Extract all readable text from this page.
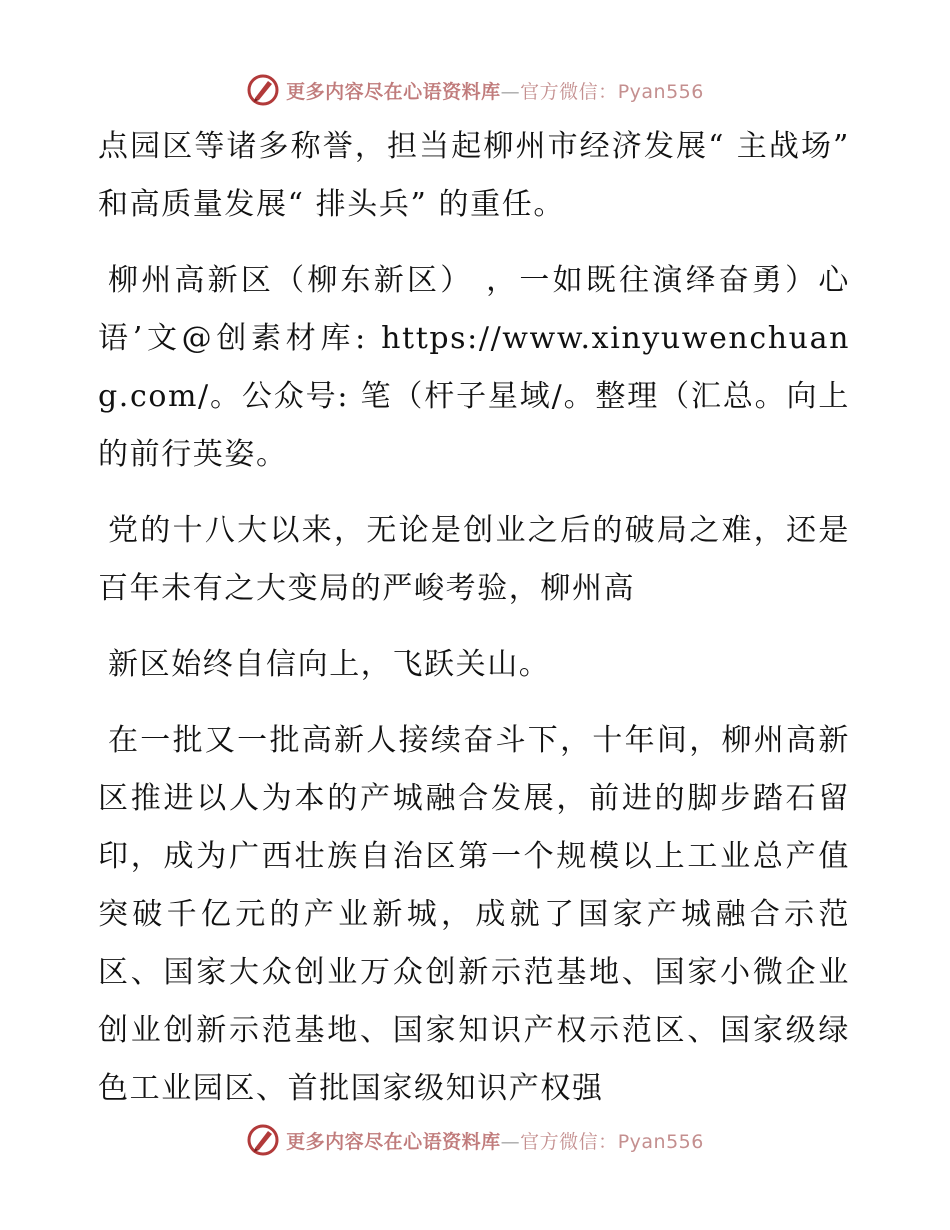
更多内容尽在心语资料库—官方微信：Pyan556

点园区等诸多称誉，担当起柳州市经济发展“ 主战场” 和高质量发展“ 排头兵” 的重任。

柳州高新区（柳东新区） ，一如既往演绎奋勇）心语’文@创素材库: https://www.xinyuwenchuang.com/。公众号: 笔（杆子星域/。整理（汇总。向上的前行英姿。

党的十八大以来，无论是创业之后的破局之难，还是百年未有之大变局的严峻考验，柳州高

新区始终自信向上，飞跃关山。

在一批又一批高新人接续奋斗下，十年间，柳州高新区推进以人为本的产城融合发展，前进的脚步踏石留印，成为广西壮族自治区第一个规模以上工业总产值突破千亿元的产业新城，成就了国家产城融合示范区、国家大众创业万众创新示范基地、国家小微企业创业创新示范基地、国家知识产权示范区、国家级绿色工业园区、首批国家级知识产权强

更多内容尽在心语资料库—官方微信：Pyan556
